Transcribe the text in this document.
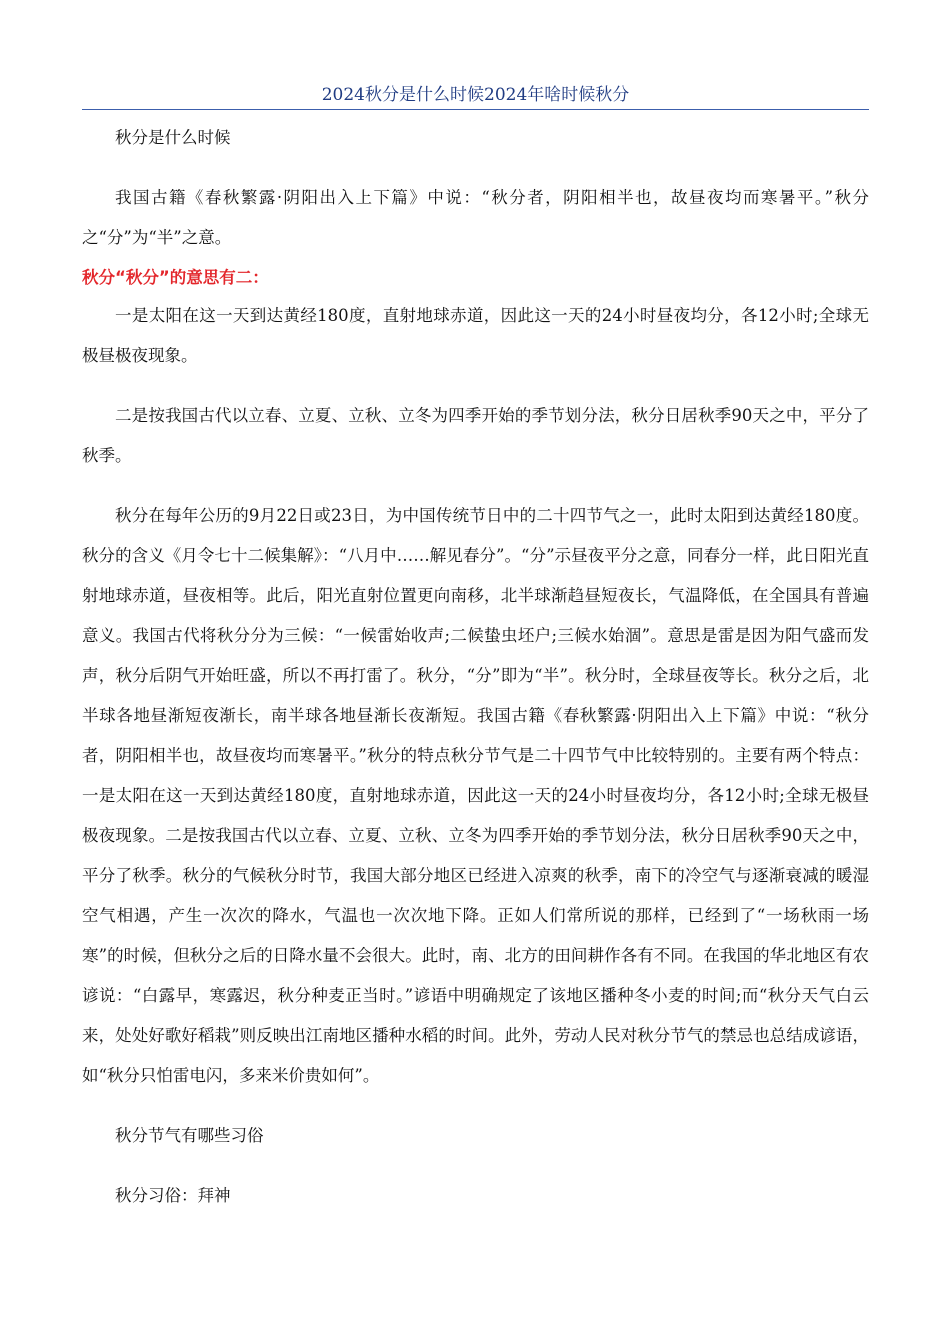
2024秋分是什么时候2024年啥时候秋分

秋分是什么时候

我国古籍《春秋繁露·阴阳出入上下篇》中说：“秋分者，阴阳相半也，故昼夜均而寒暑平。”秋分之“分”为“半”之意。

秋分“秋分”的意思有二：

一是太阳在这一天到达黄经180度，直射地球赤道，因此这一天的24小时昼夜均分，各12小时;全球无极昼极夜现象。

二是按我国古代以立春、立夏、立秋、立冬为四季开始的季节划分法，秋分日居秋季90天之中，平分了秋季。

秋分在每年公历的9月22日或23日，为中国传统节日中的二十四节气之一，此时太阳到达黄经180度。秋分的含义《月令七十二候集解》：“八月中……解见春分”。“分”示昼夜平分之意，同春分一样，此日阳光直射地球赤道，昼夜相等。此后，阳光直射位置更向南移，北半球渐趋昼短夜长，气温降低，在全国具有普遍意义。我国古代将秋分分为三候：“一候雷始收声;二候蛰虫坯户;三候水始涸”。意思是雷是因为阳气盛而发声，秋分后阴气开始旺盛，所以不再打雷了。秋分，“分”即为“半”。秋分时，全球昼夜等长。秋分之后，北半球各地昼渐短夜渐长，南半球各地昼渐长夜渐短。我国古籍《春秋繁露·阴阳出入上下篇》中说：“秋分者，阴阳相半也，故昼夜均而寒暑平。”秋分的特点秋分节气是二十四节气中比较特别的。主要有两个特点：一是太阳在这一天到达黄经180度，直射地球赤道，因此这一天的24小时昼夜均分，各12小时;全球无极昼极夜现象。二是按我国古代以立春、立夏、立秋、立冬为四季开始的季节划分法，秋分日居秋季90天之中，平分了秋季。秋分的气候秋分时节，我国大部分地区已经进入凉爽的秋季，南下的冷空气与逐渐衰减的暖湿空气相遇，产生一次次的降水，气温也一次次地下降。正如人们常所说的那样，已经到了“一场秋雨一场寒”的时候，但秋分之后的日降水量不会很大。此时，南、北方的田间耕作各有不同。在我国的华北地区有农谚说：“白露早，寒露迟，秋分种麦正当时。”谚语中明确规定了该地区播种冬小麦的时间;而“秋分天气白云来，处处好歌好稻栽”则反映出江南地区播种水稻的时间。此外，劳动人民对秋分节气的禁忌也总结成谚语，如“秋分只怕雷电闪，多来米价贵如何”。

秋分节气有哪些习俗

秋分习俗：拜神
